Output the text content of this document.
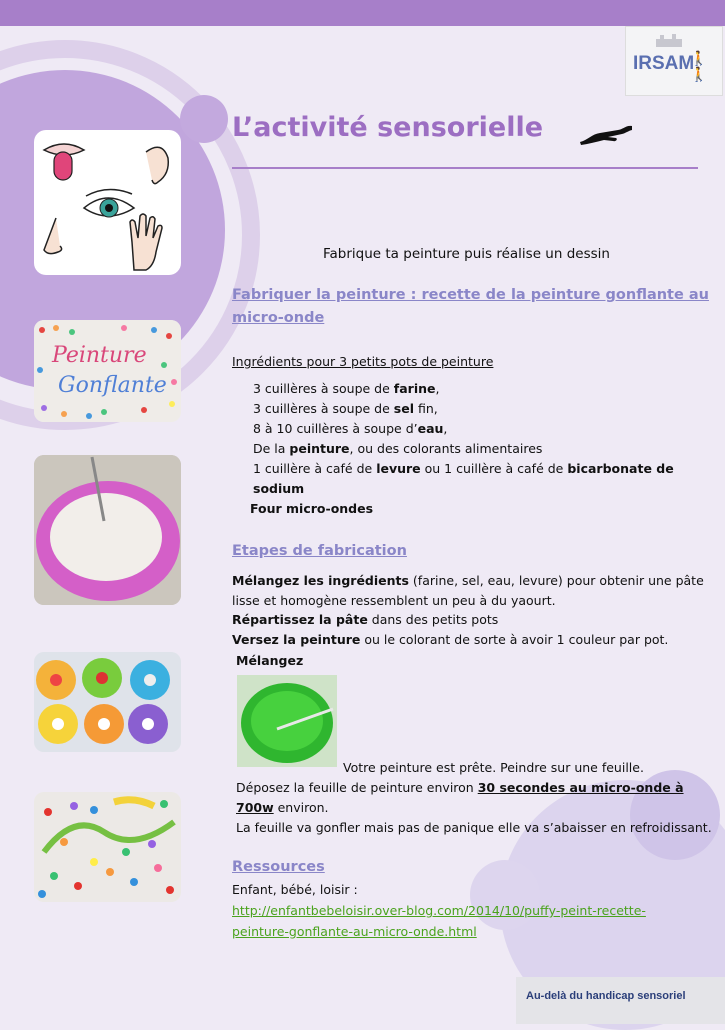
IRSAM
🚶🚶
L’activité sensorielle
Peinture
Gonflante
Fabrique ta peinture puis réalise un dessin
Fabriquer la peinture : recette de la peinture gonflante au
micro-onde
Ingrédients pour 3 petits pots de peinture
3 cuillères à soupe de farine,
3 cuillères à soupe de sel fin,
8 à 10 cuillères à soupe d’eau,
De la peinture, ou des colorants alimentaires
1 cuillère à café de levure ou 1 cuillère à café de bicarbonate de
sodium
Four micro-ondes
Etapes de fabrication
Mélangez les ingrédients (farine, sel, eau, levure) pour obtenir une pâte
lisse et homogène ressemblent un peu à du yaourt.
Répartissez la pâte dans des petits pots
Versez la peinture ou le colorant de sorte à avoir 1 couleur par pot.
Mélangez
Votre peinture est prête. Peindre sur une feuille.
Déposez la feuille de peinture environ 30 secondes au micro-onde à
700w environ.
La feuille va gonfler mais pas de panique elle va s’abaisser en refroidissant.
Ressources
Enfant, bébé, loisir :
http://enfantbebeloisir.over-blog.com/2014/10/puffy-peint-recette-
peinture-gonflante-au-micro-onde.html
Au-delà du handicap sensoriel
